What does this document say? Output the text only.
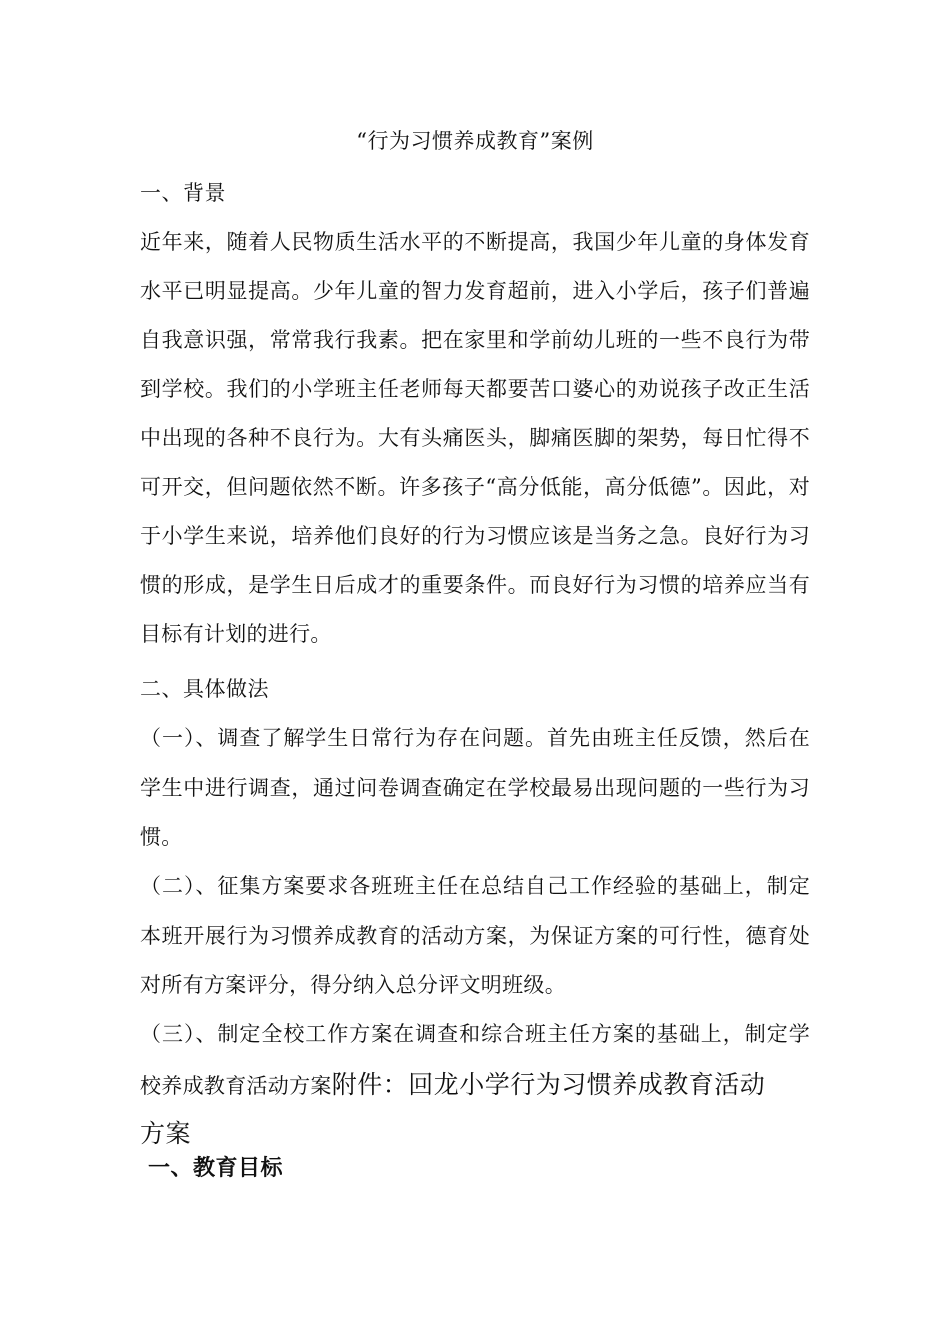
“行为习惯养成教育”案例
一、背景
近年来，随着人民物质生活水平的不断提高，我国少年儿童的身体发育水平已明显提高。少年儿童的智力发育超前，进入小学后，孩子们普遍自我意识强，常常我行我素。把在家里和学前幼儿班的一些不良行为带到学校。我们的小学班主任老师每天都要苦口婆心的劝说孩子改正生活中出现的各种不良行为。大有头痛医头，脚痛医脚的架势，每日忙得不可开交，但问题依然不断。许多孩子“高分低能，高分低德”。因此，对于小学生来说，培养他们良好的行为习惯应该是当务之急。良好行为习惯的形成，是学生日后成才的重要条件。而良好行为习惯的培养应当有目标有计划的进行。
二、具体做法
（一）、调查了解学生日常行为存在问题。首先由班主任反馈，然后在学生中进行调查，通过问卷调查确定在学校最易出现问题的一些行为习惯。
（二）、征集方案要求各班班主任在总结自己工作经验的基础上，制定本班开展行为习惯养成教育的活动方案，为保证方案的可行性，德育处对所有方案评分，得分纳入总分评文明班级。
（三）、制定全校工作方案在调查和综合班主任方案的基础上，制定学校养成教育活动方案附件：回龙小学行为习惯养成教育活动
方案
一、教育目标
